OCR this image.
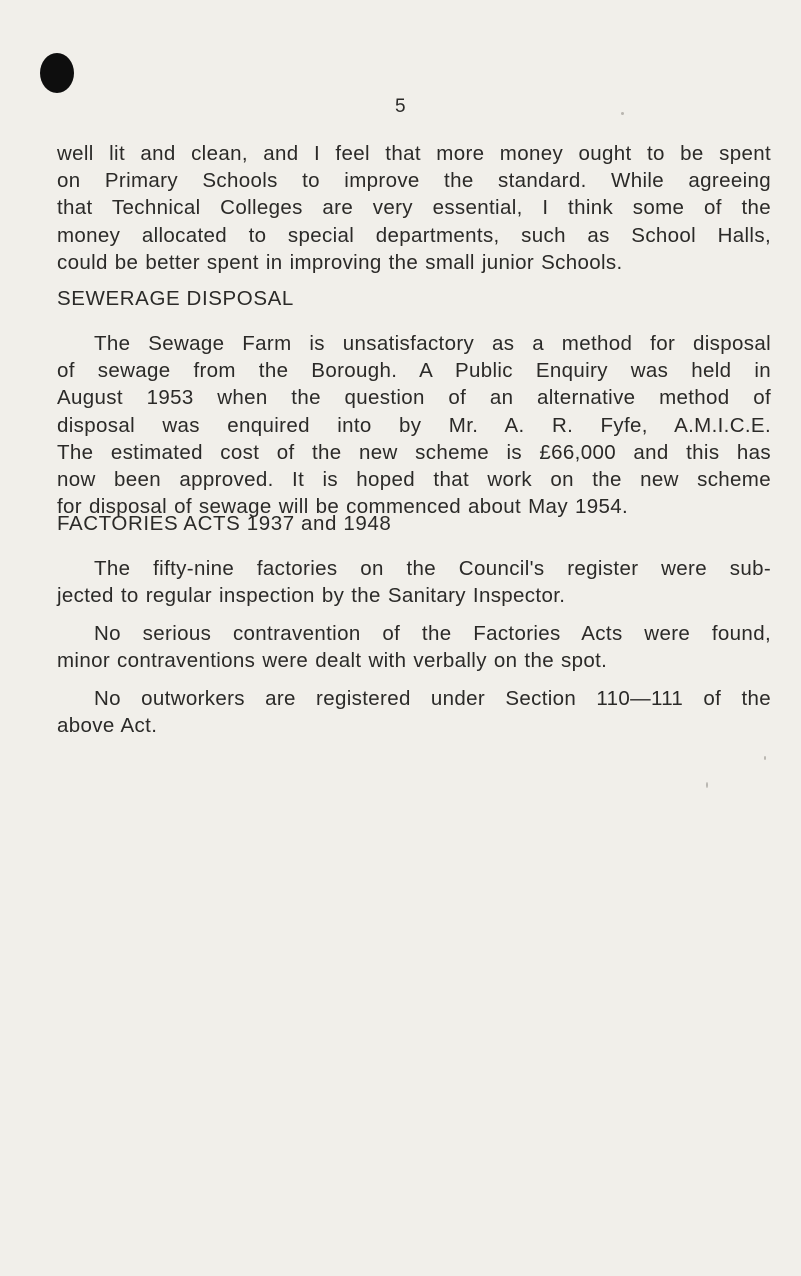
5
well lit and clean, and I feel that more money ought to be spent
on Primary Schools to improve the standard. While agreeing
that Technical Colleges are very essential, I think some of the
money allocated to special departments, such as School Halls,
could be better spent in improving the small junior Schools.
SEWERAGE DISPOSAL
The Sewage Farm is unsatisfactory as a method for disposal
of sewage from the Borough. A Public Enquiry was held in
August 1953 when the question of an alternative method of
disposal was enquired into by Mr. A. R. Fyfe, A.M.I.C.E.
The estimated cost of the new scheme is £66,000 and this has
now been approved. It is hoped that work on the new scheme
for disposal of sewage will be commenced about May 1954.
FACTORIES ACTS 1937 and 1948
The fifty-nine factories on the Council's register were sub-
jected to regular inspection by the Sanitary Inspector.
No serious contravention of the Factories Acts were found,
minor contraventions were dealt with verbally on the spot.
No outworkers are registered under Section 110—111 of the
above Act.
